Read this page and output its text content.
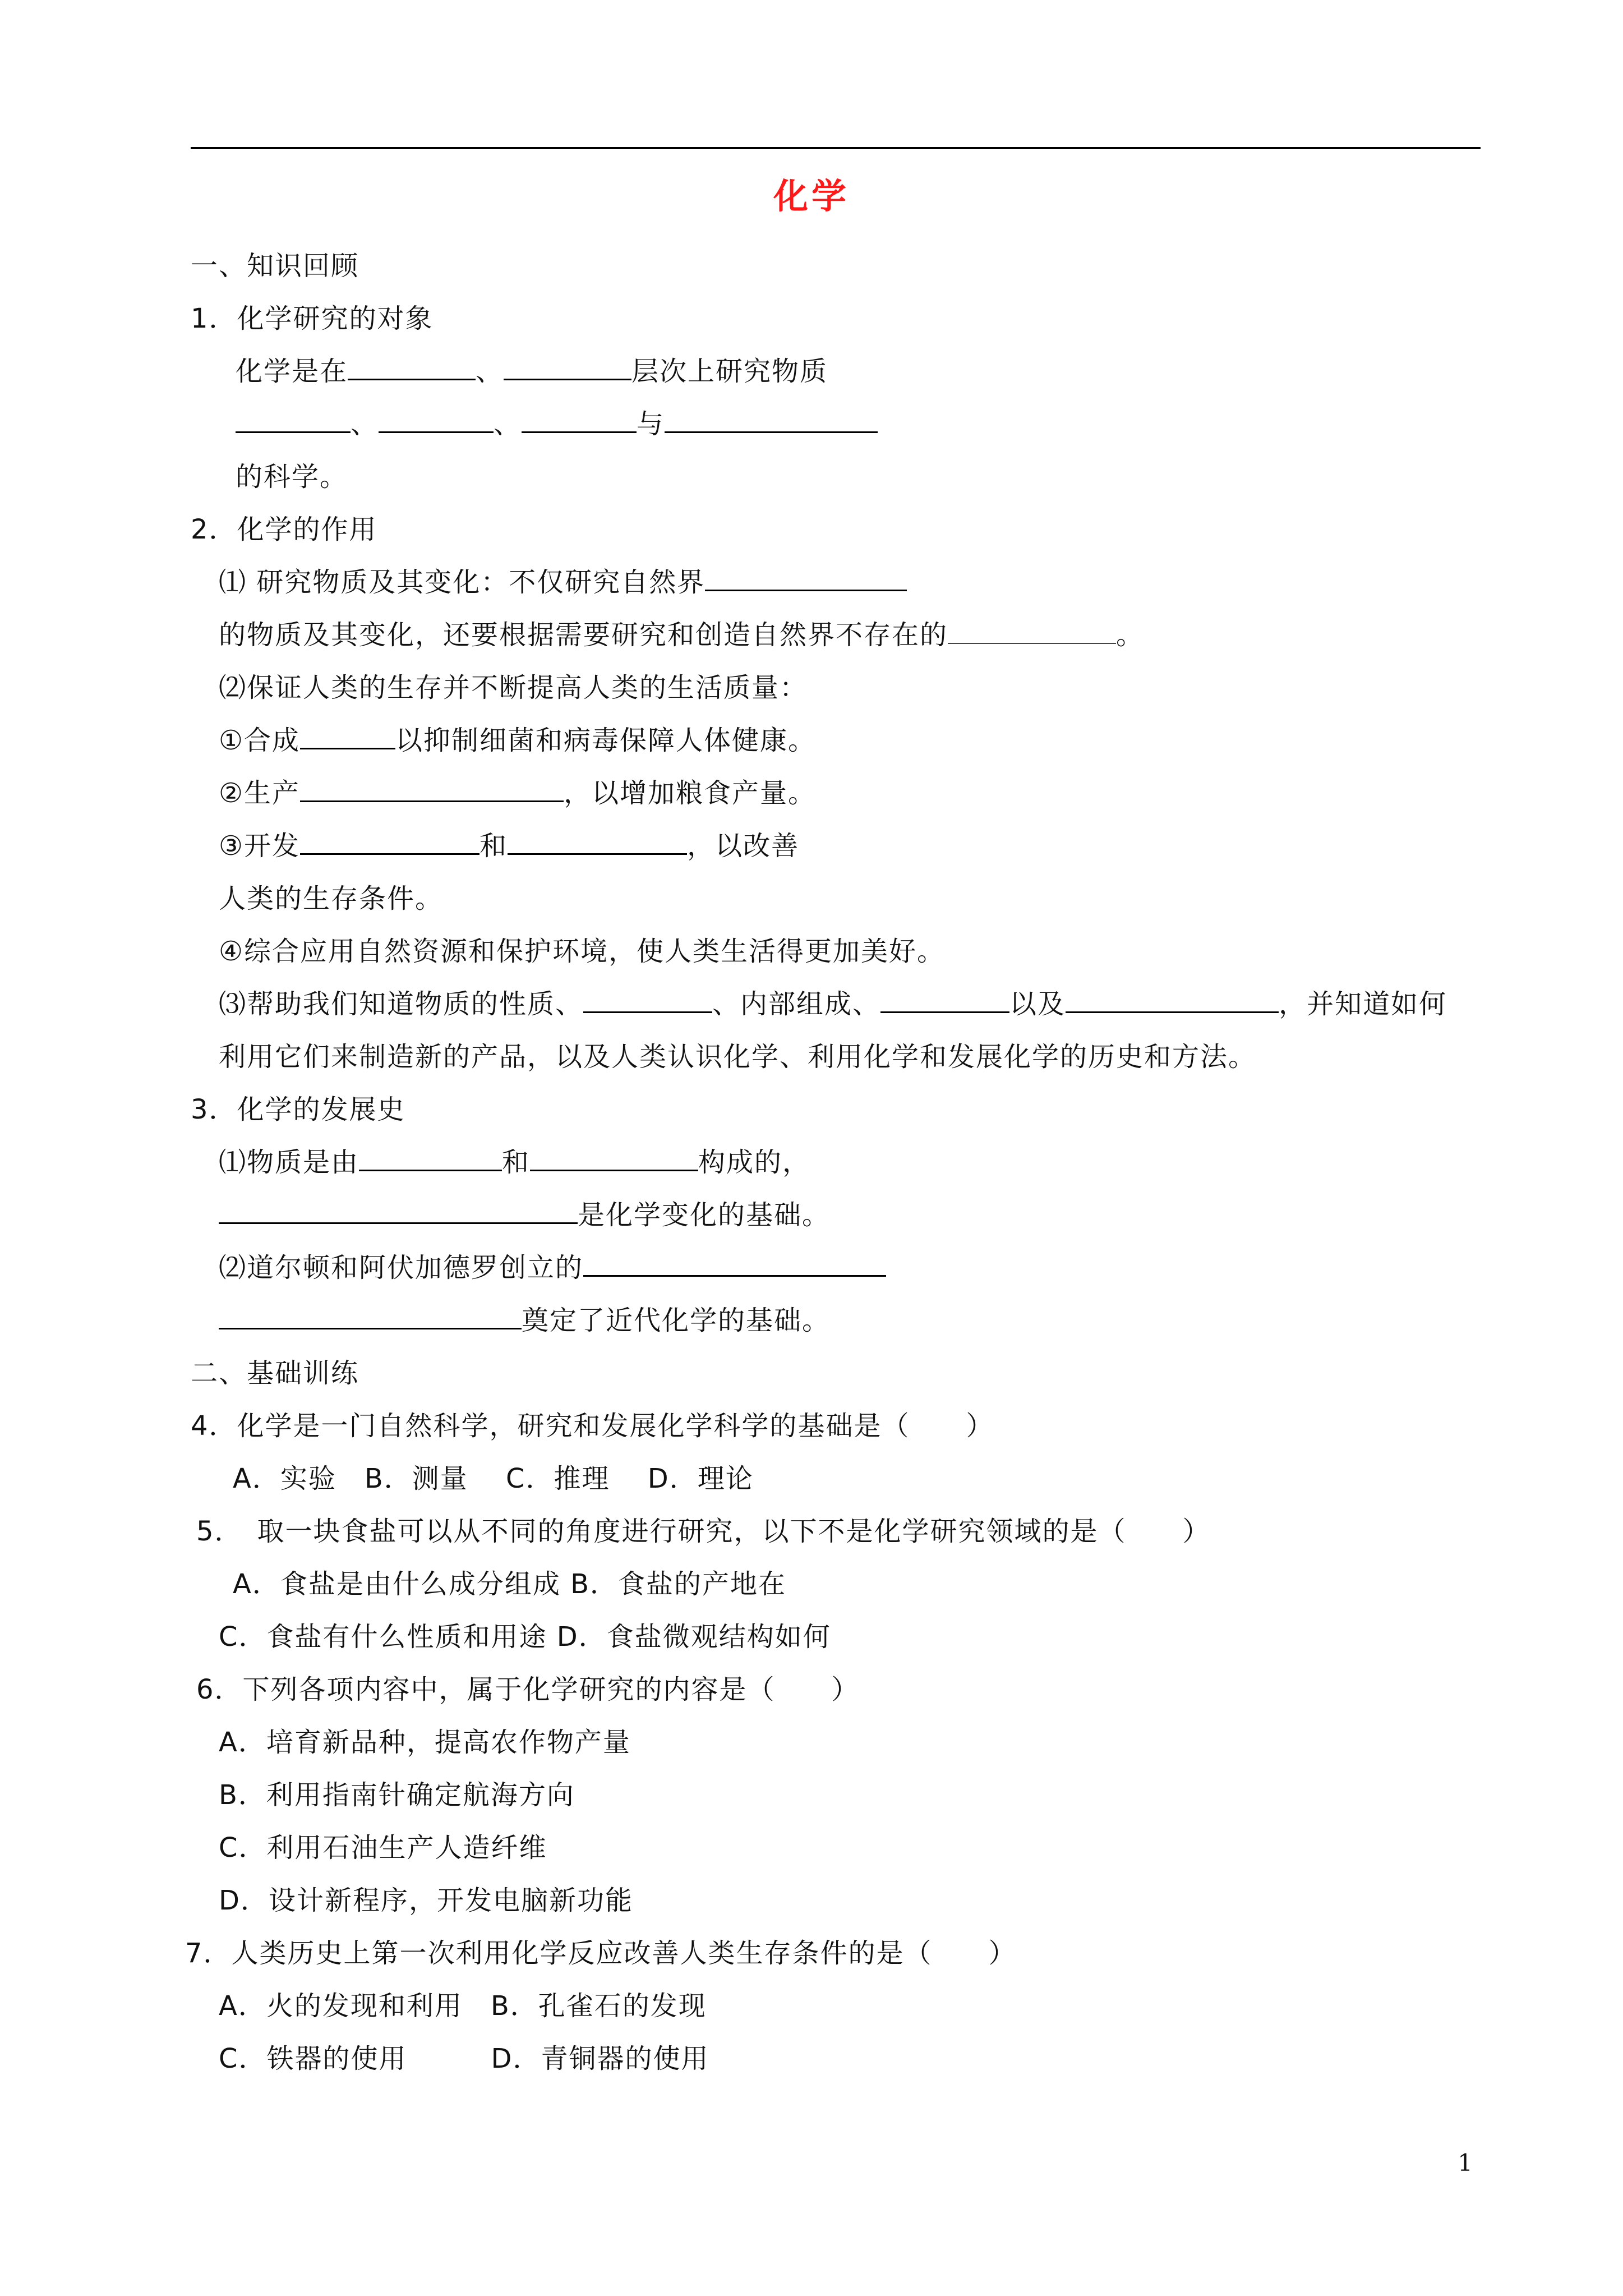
化学
一、知识回顾
1．化学研究的对象
化学是在	、	层次上研究物质
、	、	与
的科学。
2．化学的作用
⑴ 研究物质及其变化：不仅研究自然界
的物质及其变化，还要根据需要研究和创造自然界不存在的	。
⑵保证人类的生存并不断提高人类的生活质量：
①合成	以抑制细菌和病毒保障人体健康。
②生产	，以增加粮食产量。
③开发	和	，以改善
人类的生存条件。
④综合应用自然资源和保护环境，使人类生活得更加美好。
⑶帮助我们知道物质的性质、	、内部组成、	以及	，并知道如何
利用它们来制造新的产品，以及人类认识化学、利用化学和发展化学的历史和方法。
3．化学的发展史
⑴物质是由	和	构成的，
是化学变化的基础。
⑵道尔顿和阿伏加德罗创立的
奠定了近代化学的基础。
二、基础训练
4．化学是一门自然科学，研究和发展化学科学的基础是（　　）
A．实验　B．测量　 C．推理　 D．理论
5．　取一块食盐可以从不同的角度进行研究，以下不是化学研究领域的是（　　）
A．食盐是由什么成分组成 B．食盐的产地在
C．食盐有什么性质和用途 D．食盐微观结构如何
6．下列各项内容中，属于化学研究的内容是（　　）
A．培育新品种，提高农作物产量
B．利用指南针确定航海方向
C．利用石油生产人造纤维
D．设计新程序，开发电脑新功能
7．人类历史上第一次利用化学反应改善人类生存条件的是（　　）
A．火的发现和利用　B．孔雀石的发现
C．铁器的使用　　　D．青铜器的使用
1
